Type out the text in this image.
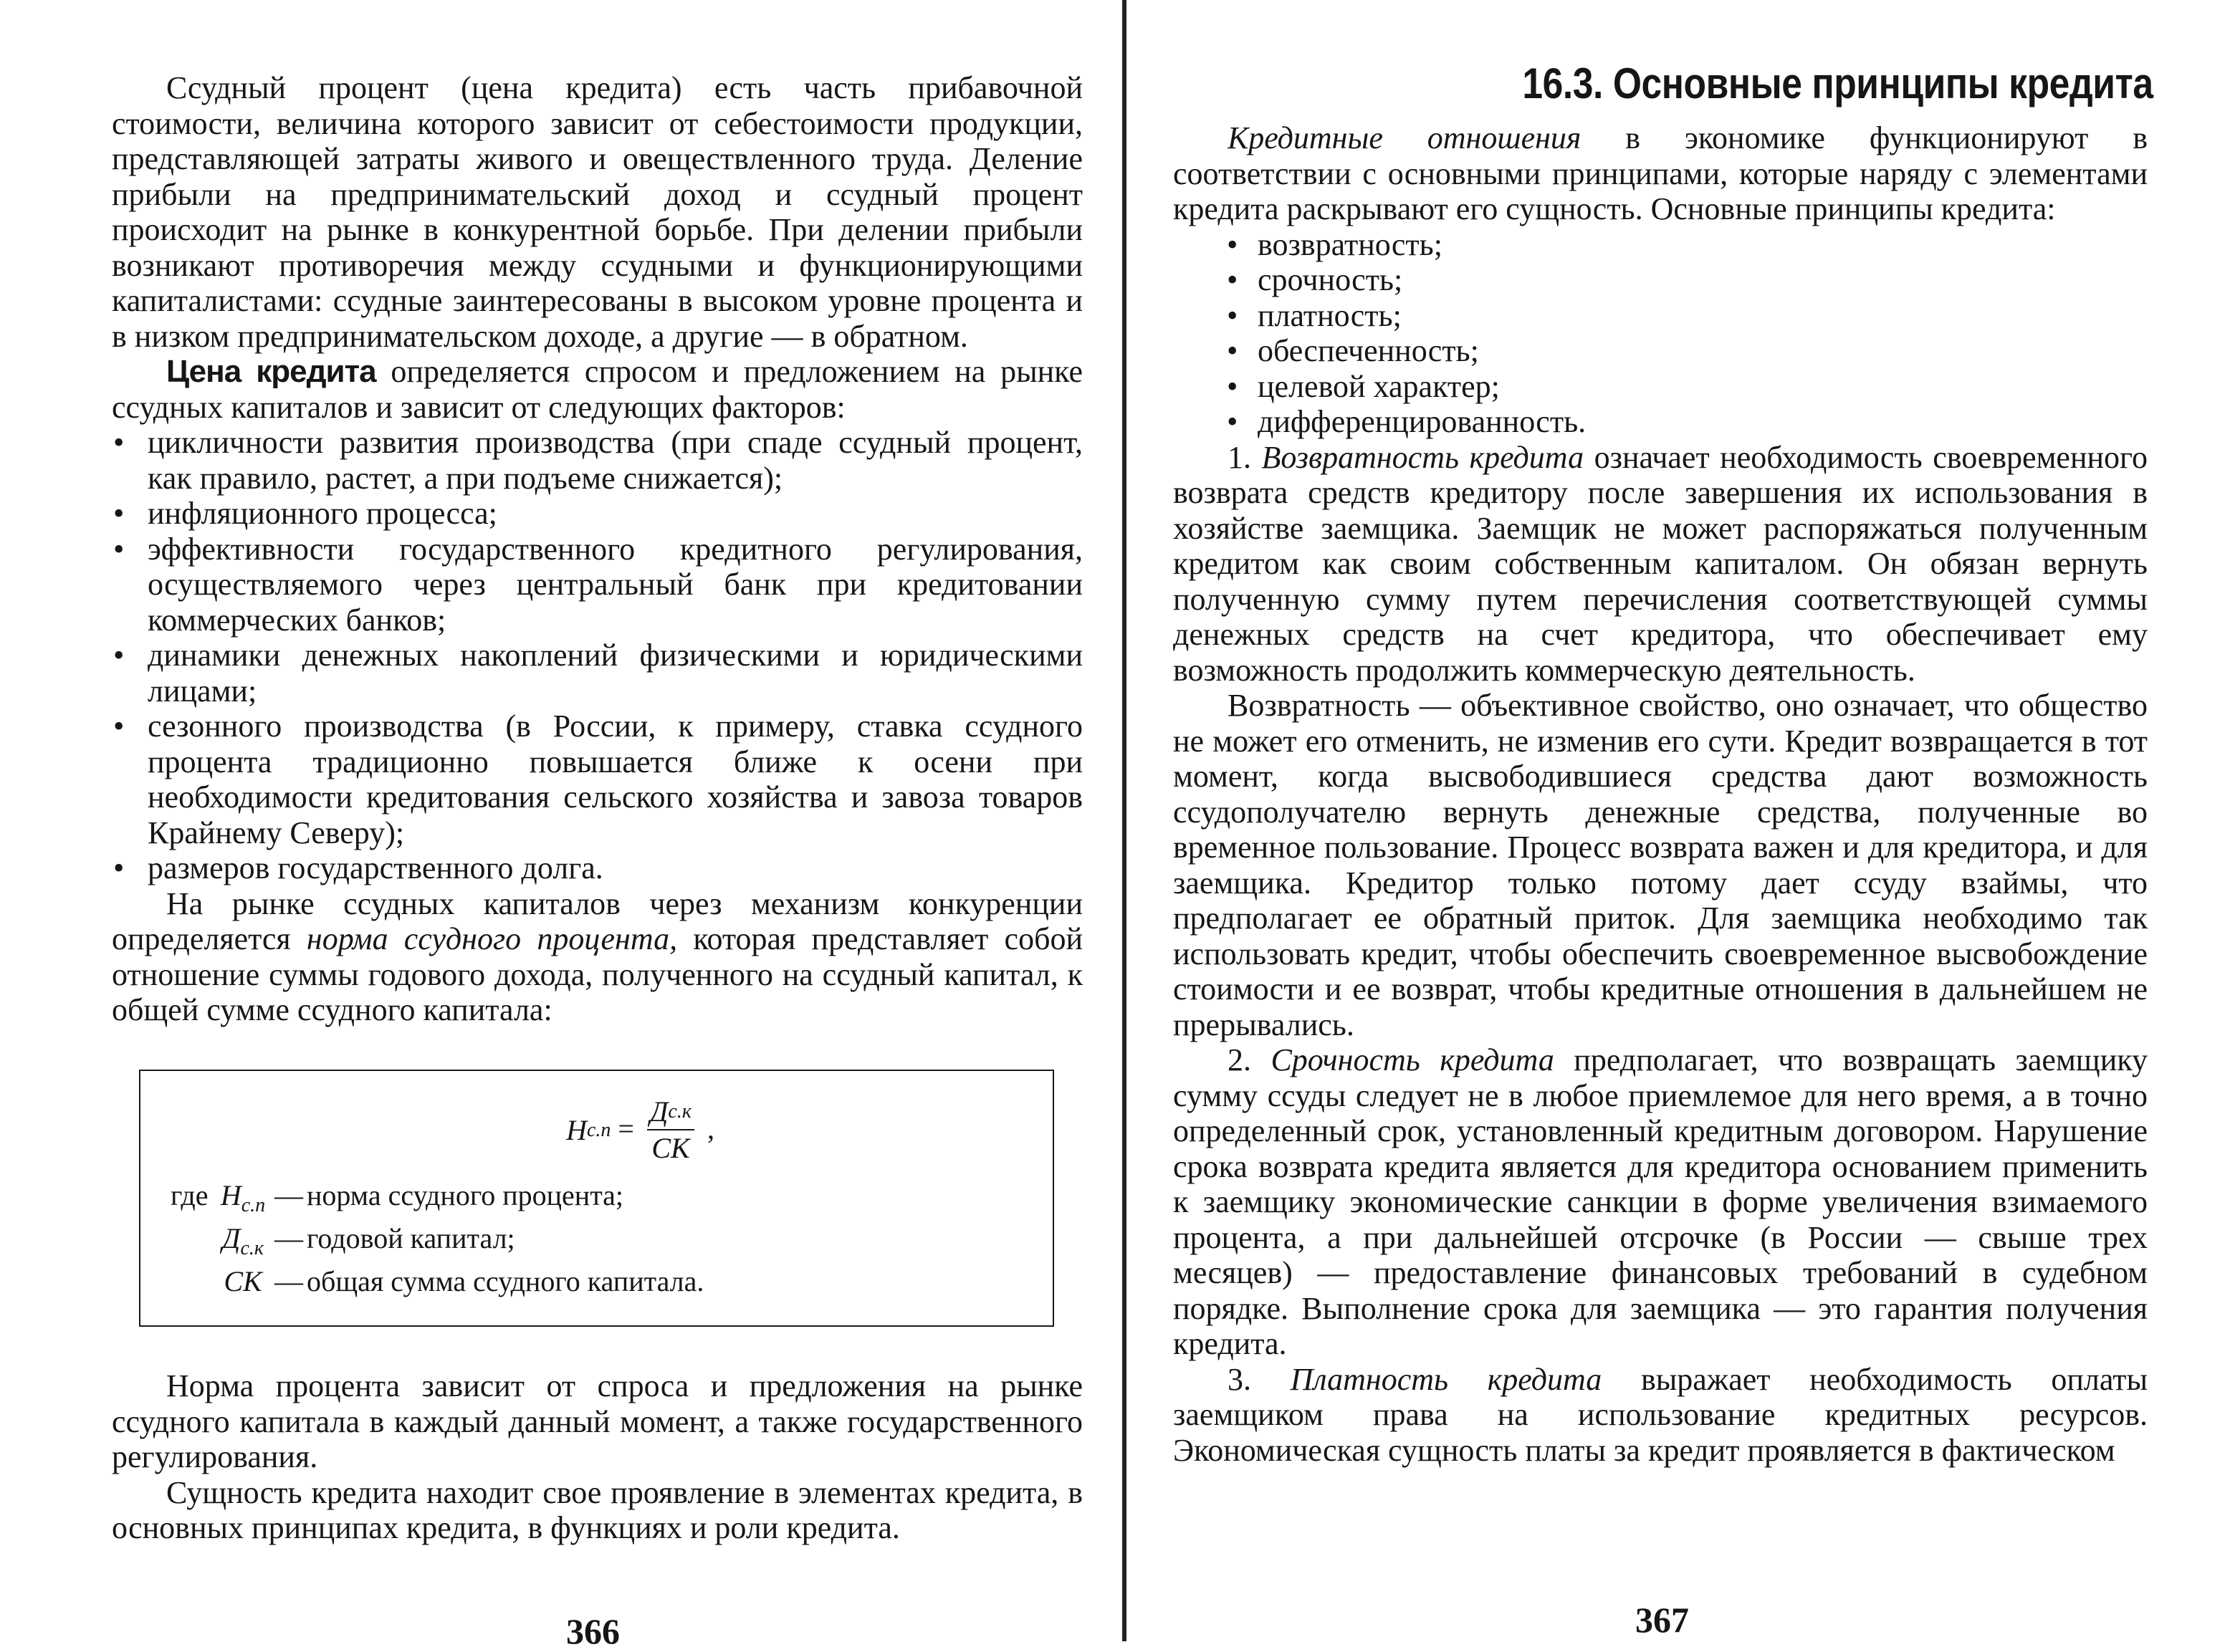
Ссудный процент (цена кредита) есть часть прибавочной стоимости, величина которого зависит от себестоимости продукции, представляющей затраты живого и овеществленного труда. Деление прибыли на предпринимательский доход и ссудный процент происходит на рынке в конкурентной борьбе. При делении прибыли возникают противоречия между ссудными и функционирующими капиталистами: ссудные заинтересованы в высоком уровне процента и в низком предпринимательском доходе, а другие — в обратном.

Цена кредита определяется спросом и предложением на рынке ссудных капиталов и зависит от следующих факторов:

• цикличности развития производства (при спаде ссудный процент, как правило, растет, а при подъеме снижается);
• инфляционного процесса;
• эффективности государственного кредитного регулирования, осуществляемого через центральный банк при кредитовании коммерческих банков;
• динамики денежных накоплений физическими и юридическими лицами;
• сезонного производства (в России, к примеру, ставка ссудного процента традиционно повышается ближе к осени при необходимости кредитования сельского хозяйства и завоза товаров Крайнему Северу);
• размеров государственного долга.

На рынке ссудных капиталов через механизм конкуренции определяется норма ссудного процента, которая представляет собой отношение суммы годового дохода, полученного на ссудный капитал, к общей сумме ссудного капитала:

$Нс.п = \frac{Дс.к}{СК}$ ,
где $Н_{с.п}$ — норма ссудного процента;
$Д_{с.к}$ — годовой капитал;
СК — общая сумма ссудного капитала.

Норма процента зависит от спроса и предложения на рынке ссудного капитала в каждый данный момент, а также государственного регулирования.

Сущность кредита находит свое проявление в элементах кредита, в основных принципах кредита, в функциях и роли кредита.

366
16.3. Основные принципы кредита

Кредитные отношения в экономике функционируют в соответствии с основными принципами, которые наряду с элементами кредита раскрывают его сущность. Основные принципы кредита:

• возвратность;
• срочность;
• платность;
• обеспеченность;
• целевой характер;
• дифференцированность.

1. Возвратность кредита означает необходимость своевременного возврата средств кредитору после завершения их использования в хозяйстве заемщика. Заемщик не может распоряжаться полученным кредитом как своим собственным капиталом. Он обязан вернуть полученную сумму путем перечисления соответствующей суммы денежных средств на счет кредитора, что обеспечивает ему возможность продолжить коммерческую деятельность.

Возвратность — объективное свойство, оно означает, что общество не может его отменить, не изменив его сути. Кредит возвращается в тот момент, когда высвободившиеся средства дают возможность ссудополучателю вернуть денежные средства, полученные во временное пользование. Процесс возврата важен и для кредитора, и для заемщика. Кредитор только потому дает ссуду взаймы, что предполагает ее обратный приток. Для заемщика необходимо так использовать кредит, чтобы обеспечить своевременное высвобождение стоимости и ее возврат, чтобы кредитные отношения в дальнейшем не прерывались.

2. Срочность кредита предполагает, что возвращать заемщику сумму ссуды следует не в любое приемлемое для него время, а в точно определенный срок, установленный кредитным договором. Нарушение срока возврата кредита является для кредитора основанием применить к заемщику экономические санкции в форме увеличения взимаемого процента, а при дальнейшей отсрочке (в России — свыше трех месяцев) — предоставление финансовых требований в судебном порядке. Выполнение срока для заемщика — это гарантия получения кредита.

3. Платность кредита выражает необходимость оплаты заемщиком права на использование кредитных ресурсов. Экономическая сущность платы за кредит проявляется в фактическом

367
